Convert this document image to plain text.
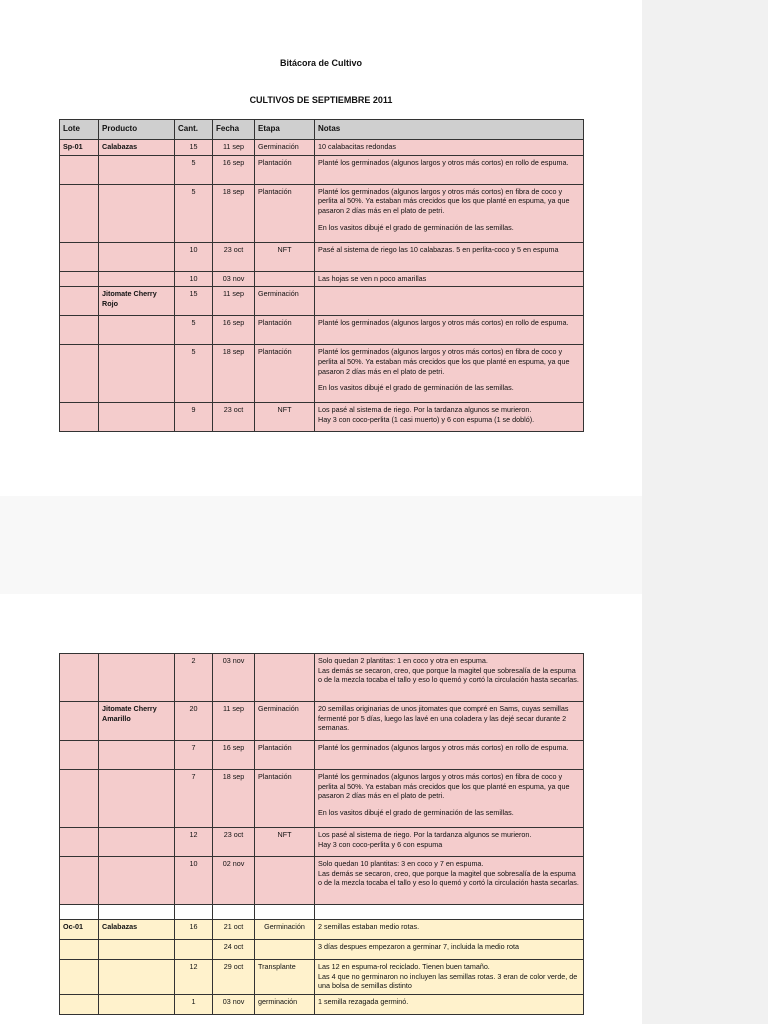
Bitácora de Cultivo
CULTIVOS DE SEPTIEMBRE 2011
Lote	Producto	Cant.	Fecha	Etapa	Notas
Sp-01	Calabazas	15	11 sep	Germinación	10 calabacitas redondas

		5	16 sep	Plantación	Planté los germinados (algunos largos y otros más cortos) en rollo de espuma.

		5	18 sep	Plantación	Planté los germinados (algunos largos y otros más cortos) en fibra de coco y perlita al 50%. Ya estaban más crecidos que los que planté en espuma, ya que pasaron 2 días más en el plato de petri.
En los vasitos dibujé el grado de germinación de las semillas.

		10	23 oct	NFT	Pasé al sistema de riego las 10 calabazas. 5 en perlita-coco y 5 en espuma

		10	03 nov		Las hojas se ven n poco amarillas

	Jitomate Cherry Rojo	15	11 sep	Germinación	

		5	16 sep	Plantación	Planté los germinados (algunos largos y otros más cortos) en rollo de espuma.

		5	18 sep	Plantación	Planté los germinados (algunos largos y otros más cortos) en fibra de coco y perlita al 50%. Ya estaban más crecidos que los que planté en espuma, ya que pasaron 2 días más en el plato de petri.
En los vasitos dibujé el grado de germinación de las semillas.

		9	23 oct	NFT	Los pasé al sistema de riego. Por la tardanza algunos se murieron.
Hay 3 con coco-perlita (1 casi muerto) y 6 con espuma (1 se dobló).
		2	03 nov		Solo quedan 2 plantitas: 1 en coco y otra en espuma.
Las demás se secaron, creo, que porque la magitel que sobresalía de la espuma o de la mezcla tocaba el tallo y eso lo quemó y cortó la circulación hasta secarlas.

	Jitomate Cherry Amarillo	20	11 sep	Germinación	20 semillas originarias de unos jitomates que compré en Sams, cuyas semillas fermenté por 5 días, luego las lavé en una coladera y las dejé secar durante 2 semanas.

		7	16 sep	Plantación	Planté los germinados (algunos largos y otros más cortos) en rollo de espuma.

		7	18 sep	Plantación	Planté los germinados (algunos largos y otros más cortos) en fibra de coco y perlita al 50%. Ya estaban más crecidos que los que planté en espuma, ya que pasaron 2 días más en el plato de petri.
En los vasitos dibujé el grado de germinación de las semillas.

		12	23 oct	NFT	Los pasé al sistema de riego. Por la tardanza algunos se murieron.
Hay 3 con coco-perlita y 6 con espuma

		10	02 nov		Solo quedan 10 plantitas: 3 en coco y 7 en espuma.
Las demás se secaron, creo, que porque la magitel que sobresalía de la espuma o de la mezcla tocaba el tallo y eso lo quemó y cortó la circulación hasta secarlas.

Oc-01	Calabazas	16	21 oct	Germinación	2 semillas estaban medio rotas.

			24 oct		3 días despues empezaron a germinar 7, incluida la medio rota

		12	29 oct	Transplante	Las 12 en espuma-rol reciclado. Tienen buen tamaño.
Las 4 que no germinaron no incluyen las semillas rotas. 3 eran de color verde, de una bolsa de semillas distinto

		1	03 nov	germinación	1 semilla rezagada germinó.
